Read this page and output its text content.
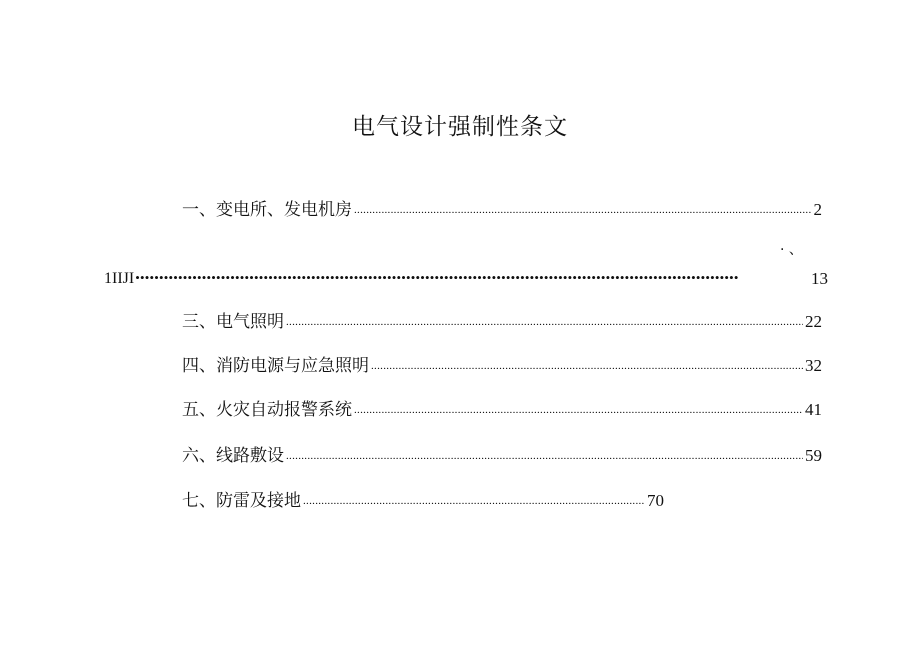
电气设计强制性条文
一、变电所、发电机房 .....	2
· 、
1IIJI •••••	13
三、电气照明 .....	22
四、消防电源与应急照明 .....	32
五、火灾自动报警系统 .....	41
六、线路敷设 .....	59
七、防雷及接地 .....	70
